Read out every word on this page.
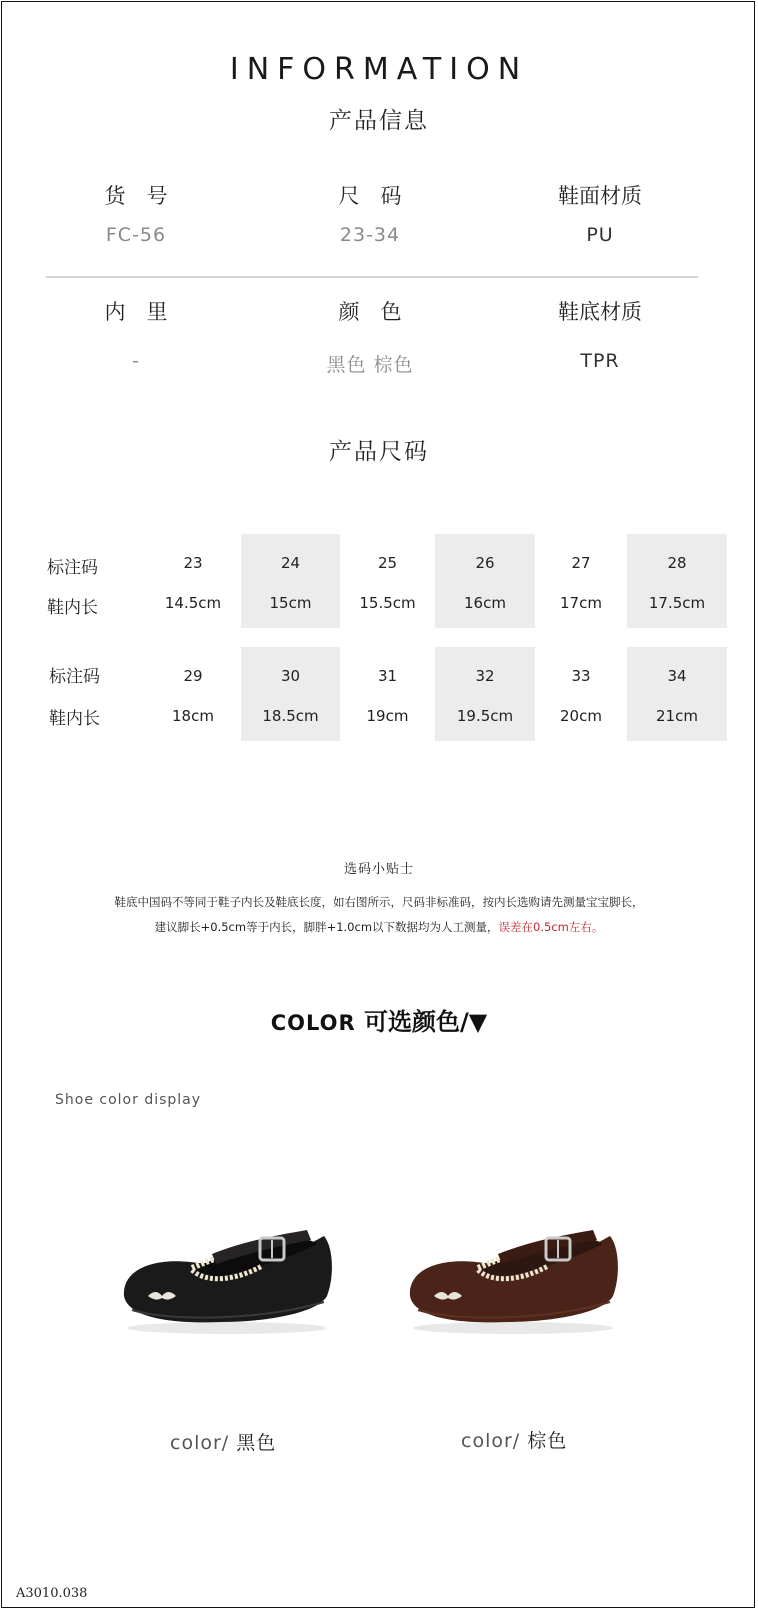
INFORMATION
产品信息
货　号
FC-56
尺　码
23-34
鞋面材质
PU
内　里
-
颜　色
黑色 棕色
鞋底材质
TPR
产品尺码
标注码
鞋内长
23
14.5cm
24
15cm
25
15.5cm
26
16cm
27
17cm
28
17.5cm
标注码
鞋内长
29
18cm
30
18.5cm
31
19cm
32
19.5cm
33
20cm
34
21cm
选码小贴士
鞋底中国码不等同于鞋子内长及鞋底长度，如右图所示，尺码非标准码，按内长选购请先测量宝宝脚长，
建议脚长+0.5cm等于内长，脚胖+1.0cm以下数据均为人工测量，误差在0.5cm左右。
COLOR 可选颜色/▼
Shoe color display
color/ 黑色	color/ 棕色
A3010.038
